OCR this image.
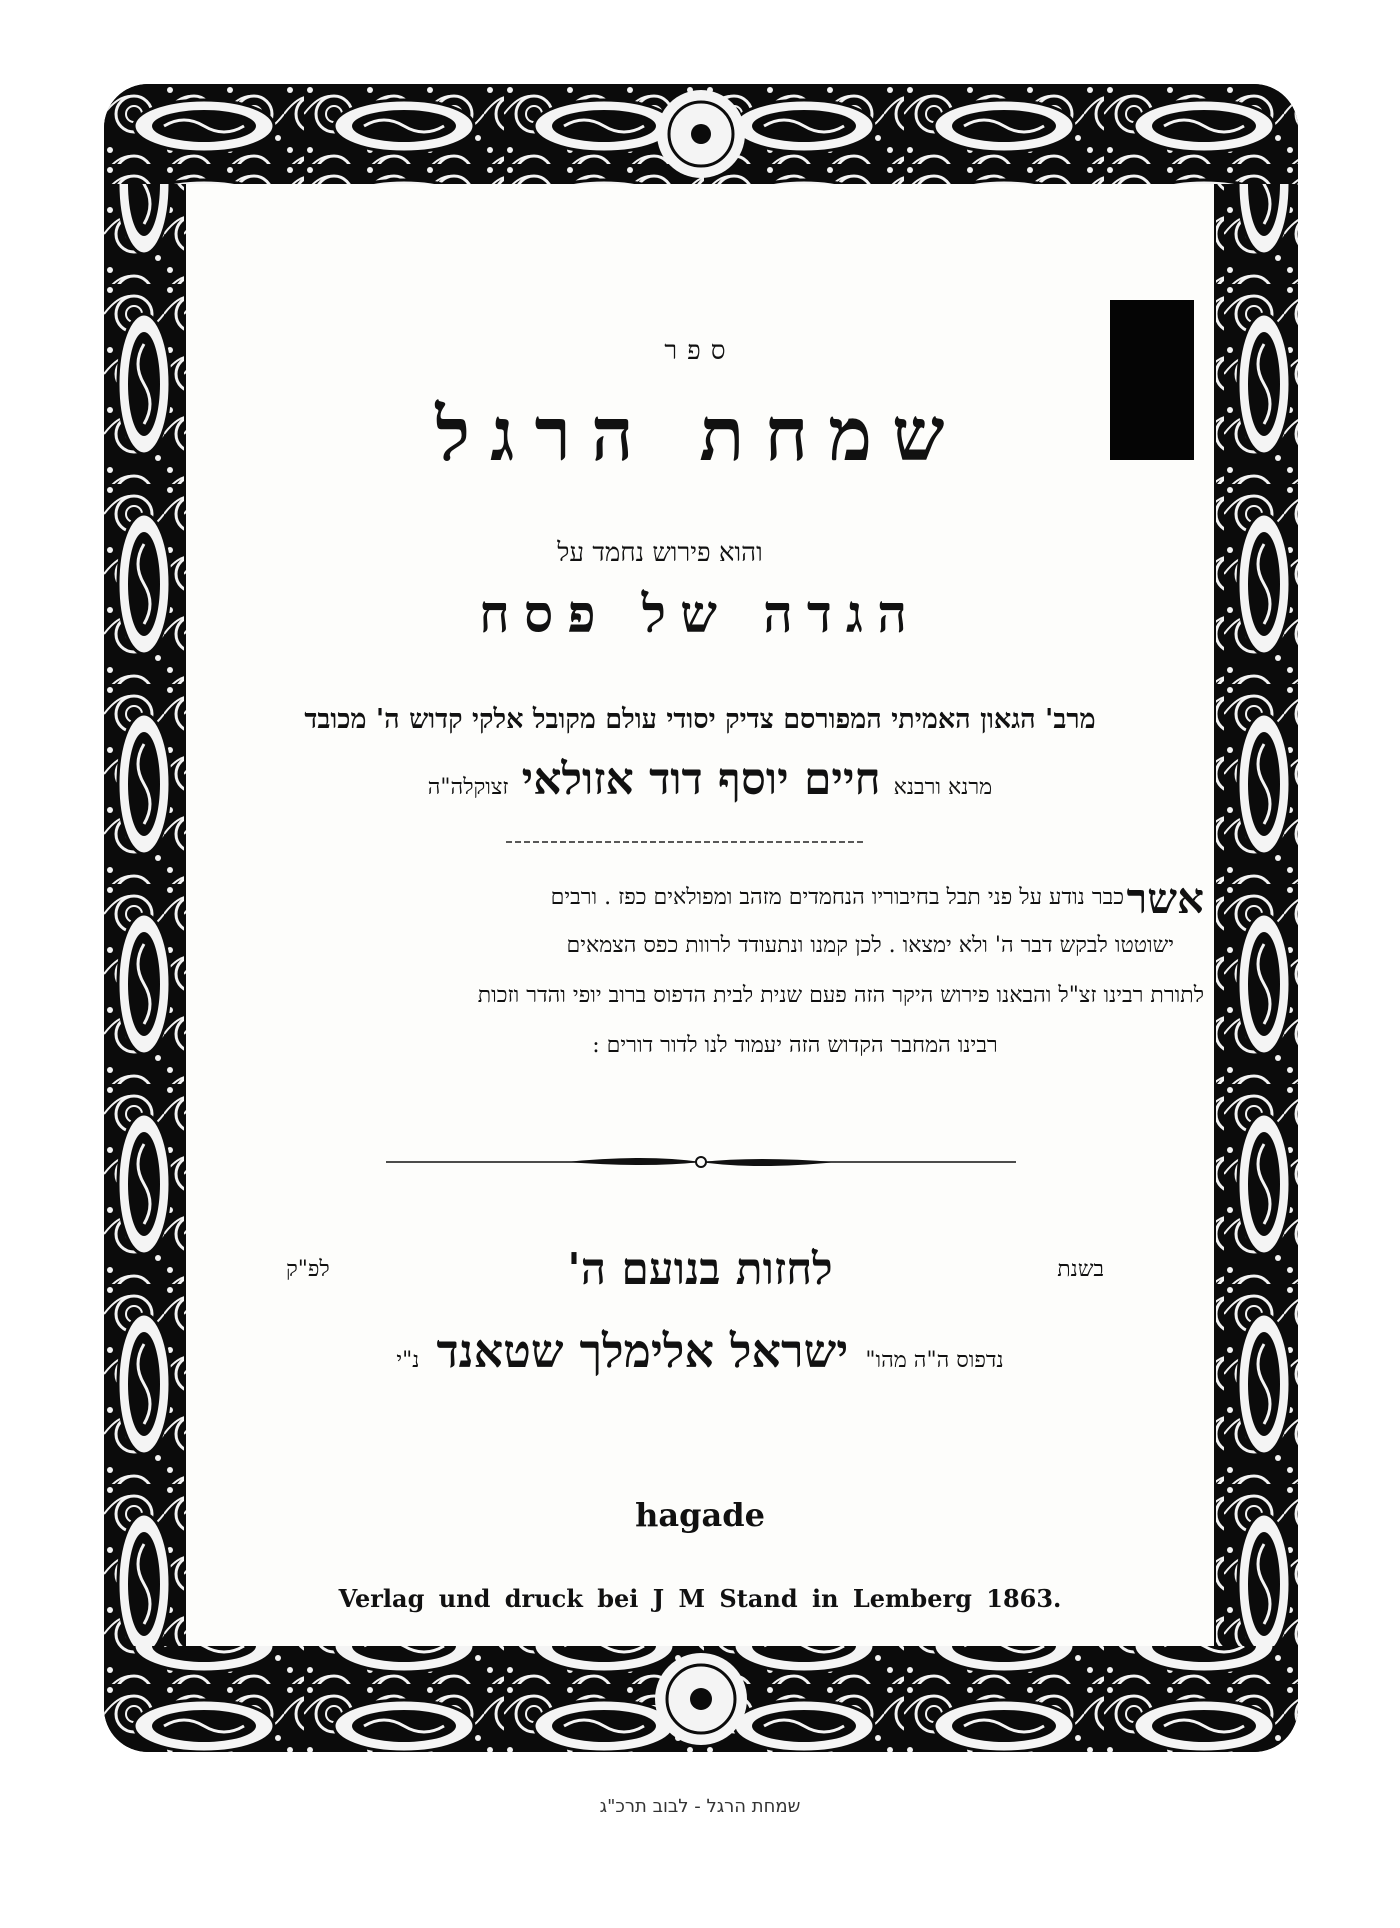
ספר
שמחת הרגל
והוא פירוש נחמד על
הגדה של פסח
מרב' הגאון האמיתי המפורסם צדיק יסודי עולם מקובל אלקי קדוש ה' מכובד
מרנא ורבנא חיים יוסף דוד אזולאי זצוקלה"ה
אשר
כבר נודע על פני תבל בחיבוריו הנחמדים מזהב ומפולאים כפז . ורבים
ישוטטו לבקש דבר ה' ולא ימצאו . לכן קמנו ונתעודד לרוות כפס הצמאים
לתורת רבינו זצ"ל והבאנו פירוש היקר הזה פעם שנית לבית הדפוס ברוב יופי והדר וזכות
רבינו המחבר הקדוש הזה יעמוד לנו לדור דורים :
בשנת
לחזות בנועם ה'
לפ"ק
נדפוס ה"ה מהו" ישראל אלימלך שטאנד נ"י
hagade
Verlag und druck bei J M Stand in Lemberg 1863.
שמחת הרגל - לבוב תרכ"ג
